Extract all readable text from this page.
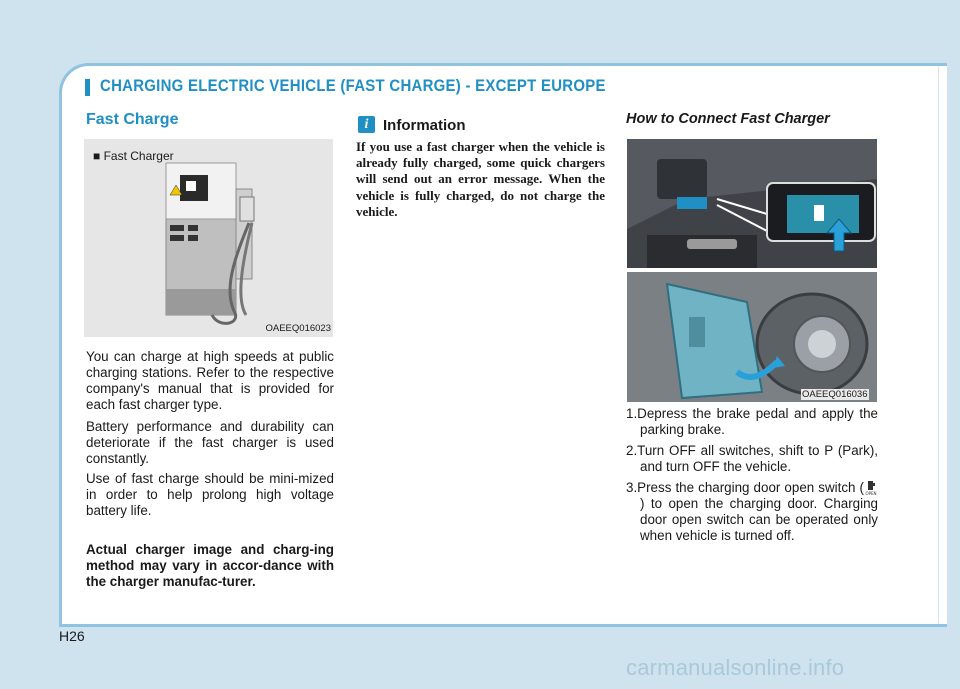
CHARGING ELECTRIC VEHICLE (FAST CHARGE) - EXCEPT EUROPE
Fast Charge
■ Fast Charger
OAEEQ016023
You can charge at high speeds at public charging stations. Refer to the respective company's manual that is provided for each fast charger type.
Battery performance and durability can deteriorate if the fast charger is used constantly.
Use of fast charge should be mini-mized in order to help prolong high voltage battery life.
Actual charger image and charg-ing method may vary in accor-dance with the charger manufac-turer.
i Information
If you use a fast charger when the vehicle is already fully charged, some quick chargers will send out an error message. When the vehicle is fully charged, do not charge the vehicle.
How to Connect Fast Charger
OAEEQ016036

1.Depress the brake pedal and apply the parking brake.

2.Turn OFF all switches, shift to P (Park), and turn OFF the vehicle.

3.Press the charging door open switch ( OPEN
) to open the charging door. Charging door open switch can be operated only when vehicle is turned off.

H26
carmanualsonline.info
